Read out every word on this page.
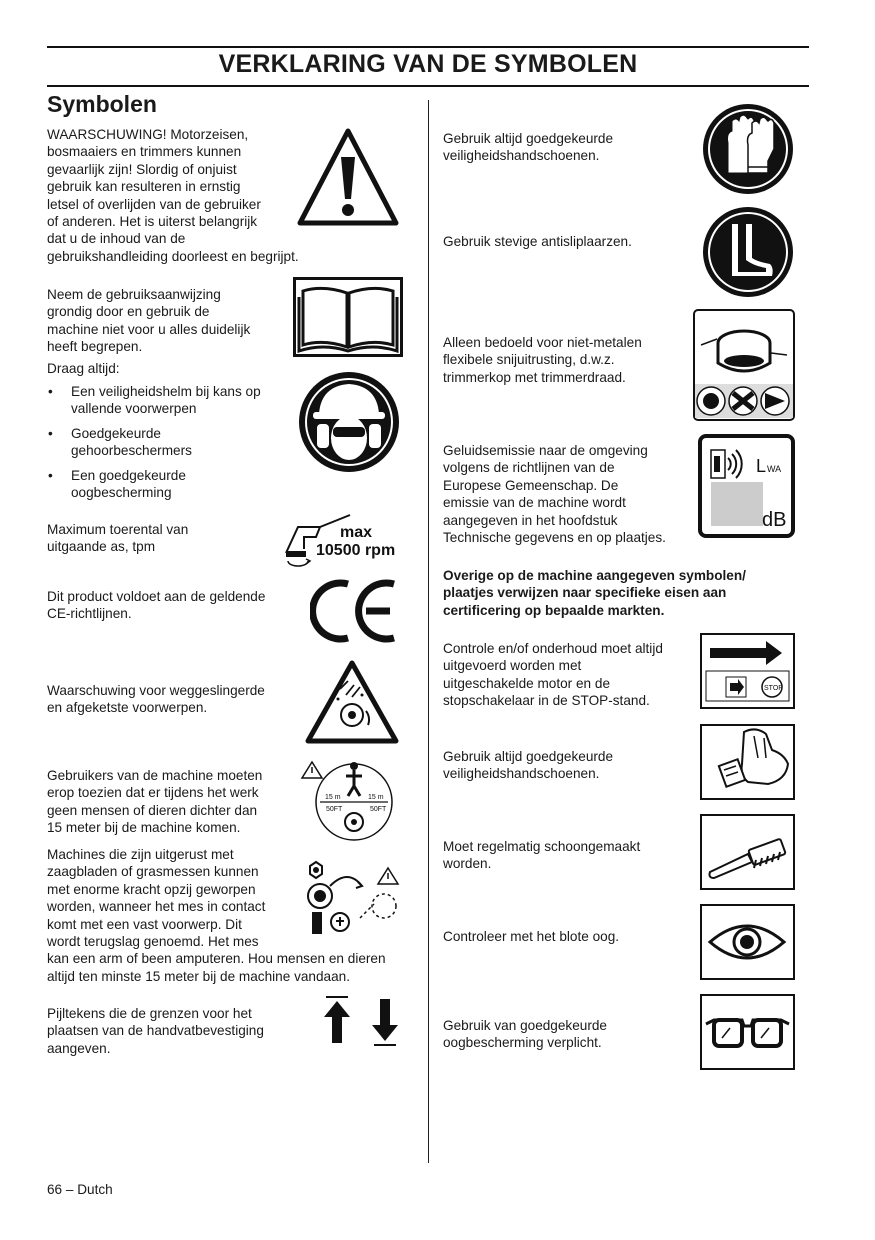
VERKLARING VAN DE SYMBOLEN
Symbolen
WAARSCHUWING! Motorzeisen,
bosmaaiers en trimmers kunnen
gevaarlijk zijn! Slordig of onjuist
gebruik kan resulteren in ernstig
letsel of overlijden van de gebruiker
of anderen. Het is uiterst belangrijk
dat u de inhoud van de
gebruikshandleiding doorleest en begrijpt.
Neem de gebruiksaanwijzing
grondig door en gebruik de
machine niet voor u alles duidelijk
heeft begrepen.
Draag altijd:
• Een veiligheidshelm bij kans op
vallende voorwerpen
• Goedgekeurde
gehoorbeschermers
• Een goedgekeurde
oogbescherming
Maximum toerental van
uitgaande as, tpm
Dit product voldoet aan de geldende
CE-richtlijnen.
Waarschuwing voor weggeslingerde
en afgeketste voorwerpen.
Gebruikers van de machine moeten
erop toezien dat er tijdens het werk
geen mensen of dieren dichter dan
15 meter bij de machine komen.
Machines die zijn uitgerust met
zaagbladen of grasmessen kunnen
met enorme kracht opzij geworpen
worden, wanneer het mes in contact
komt met een vast voorwerp. Dit
wordt terugslag genoemd. Het mes
kan een arm of been amputeren. Hou mensen en dieren
altijd ten minste 15 meter bij de machine vandaan.
Pijltekens die de grenzen voor het
plaatsen van de handvatbevestiging
aangeven.
max
10500 rpm
15 m
50FT
15 m
50FT
Gebruik altijd goedgekeurde
veiligheidshandschoenen.
Gebruik stevige antisliplaarzen.
Alleen bedoeld voor niet-metalen
flexibele snijuitrusting, d.w.z.
trimmerkop met trimmerdraad.
Geluidsemissie naar de omgeving
volgens de richtlijnen van de
Europese Gemeenschap. De
emissie van de machine wordt
aangegeven in het hoofdstuk
Technische gegevens en op plaatjes.
Overige op de machine aangegeven symbolen/
plaatjes verwijzen naar specifieke eisen aan
certificering op bepaalde markten.
Controle en/of onderhoud moet altijd
uitgevoerd worden met
uitgeschakelde motor en de
stopschakelaar in de STOP-stand.
Gebruik altijd goedgekeurde
veiligheidshandschoenen.
Moet regelmatig schoongemaakt
worden.
Controleer met het blote oog.
Gebruik van goedgekeurde
oogbescherming verplicht.
L WA
dB
STOP
66 – Dutch
